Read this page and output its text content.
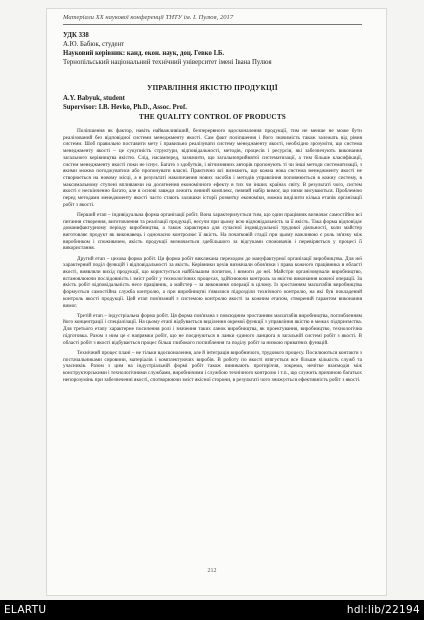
Матеріали ХX наукової конференції ТНТУ ім. І. Пулюя, 2017
УДК 338
А.Ю. Бабюк, студент
Науковий керівник: канд. екон. наук, доц. Гевко І.Б.
Тернопільський національний технічний університет імені Івана Пулюя
УПРАВЛІННЯ ЯКІСТЮ ПРОДУКЦІЇ
A.Y. Babyuk, student
Supervisor: I.B. Hevko, Ph.D., Assoc. Prof.
THE QUALITY CONTROL OF PRODUCTS

Поліпшення як фактор, навіть найважливіший, безперервного вдосконалення продукції, тим не менше не може бути реалізований без відповідної системи менеджменту якості. Сам факт поліпшення і його значимість також залежать від рівня системи. Шоб правильно поставити мету і правильно реалізувати систему менеджменту якості, необхідно зрозуміти, що система менеджменту якості – це сукупність структури, відповідальності, методів, процесів і ресурсів, які забезпечують виконання загального керівництва якістю. Слід, насамперед, зазначити, що загальноприйнятої систематизації, а тим більше класифікації, систем менеджменту якості поки не існує. Багато з здобутків, і вітчизняних авторів пропонують ті чи інші методи систематизації, з якими можна погоджуватися або пропонувати власні. Практично всі визнають, що кожна нова система менеджменту якості не створюється на новому місці, а в результаті накопичення нових засобів і методів управління поповнюється в кожну систему, в максимальному ступені впливаючи на досягнення економічного ефекту в тих чи інших країнах світу. В результаті чого, систем якості є нескінченно багато, але в основі завжди лежить певний комплекс, певний набір вимог, що ними висуваються. Проблемою перед методами менеджменту якості часто стають залишки історії розвитку економіки, можна виділити кілька етапів організації робіт з якості.

Перший етап – індивідуальна форма організації робіт. Вона характеризується тим, що один працівник визначає самостійно всі питання створення, виготовлення та реалізації продукції, несучи при цьому всю відповідальність за її якість. Така форма відповідає доманифактурному періоду виробництва, а також характерна для сучасної індивідуальної трудової діяльності, коли майстер виготовляє продукт як виконавець і одночасно контролює її якість. На початковій стадії при цьому важливою є роль зв'язку між виробником і споживачем, якість продукції визначається здебільшого за відгуками споживачів і перевіряється у процесі її використання.

Другий етап – цехова форма робіт. Ця форма робіт викликана переходом до мануфактурної організації виробництва. Для неї характерний поділ функцій і відповідальності за якість. Керівники цехів визначали обов'язки і права кожного працівника в області якості, виявляли вихід продукції, що користується найбільшим попитом, і вимоги до неї. Майстри організовували виробництво, встановлюючи послідовність і зміст робіт у технологічних процесах, здійснюючи контроль за якістю виконання кожної операції. За якість робіт відповідальність несе працівник, а майстер – за виконання операції в цілому. Із зростанням масштабів виробництва формується самостійна служба контролю, а при виробництві з'явилися підрозділи технічного контролю, на які був покладений контроль якості продукції. Цей етап пов'язаний з системою контролю якості за кожним етапом, створений гарантом виконання вимог.

Третій етап – індустріальна форма робіт. Ця форма пов'язана з повсюдним зростанням масштабів виробництва, поглибленням його концентрації і спеціалізації. На цьому етапі відбувається виділення окремої функції з управління якістю в межах підприємства. Для третього етапу характерне посилення ролі і значення таких ланок виробництва, як проектування, виробництво, технологічна підготовка. Разом з ним це є напрямки робіт, що не поєднуються в ланки єдиного ланцюга в загальній системі робіт з якості. В області робіт з якості відбувається процес більш глибокого поглиблення та поділу робіт за низкою приватних функцій.

Технічний процес плані – не тільки вдосконалення, але й інтеграція виробничого, трудового процесу. Посилюються контакти з постачальниками сировини, матеріалів і комплектуючих виробів. В роботу по якості втягується все більше кількість служб та учасників. Разом з цим на індустріальній формі робіт також виникають протиріччя, зокрема, нечітке взаємодія між конструкторськими і технологічними службами, виробничими і службою технічного контролю і т.п., що служить причиною багатьох непорозумінь при забезпеченні якості, спотворюючи зміст якісної сторони, в результаті чого знижується ефективність робіт з якості.

212
ELARTU	hdl:lib/22194
